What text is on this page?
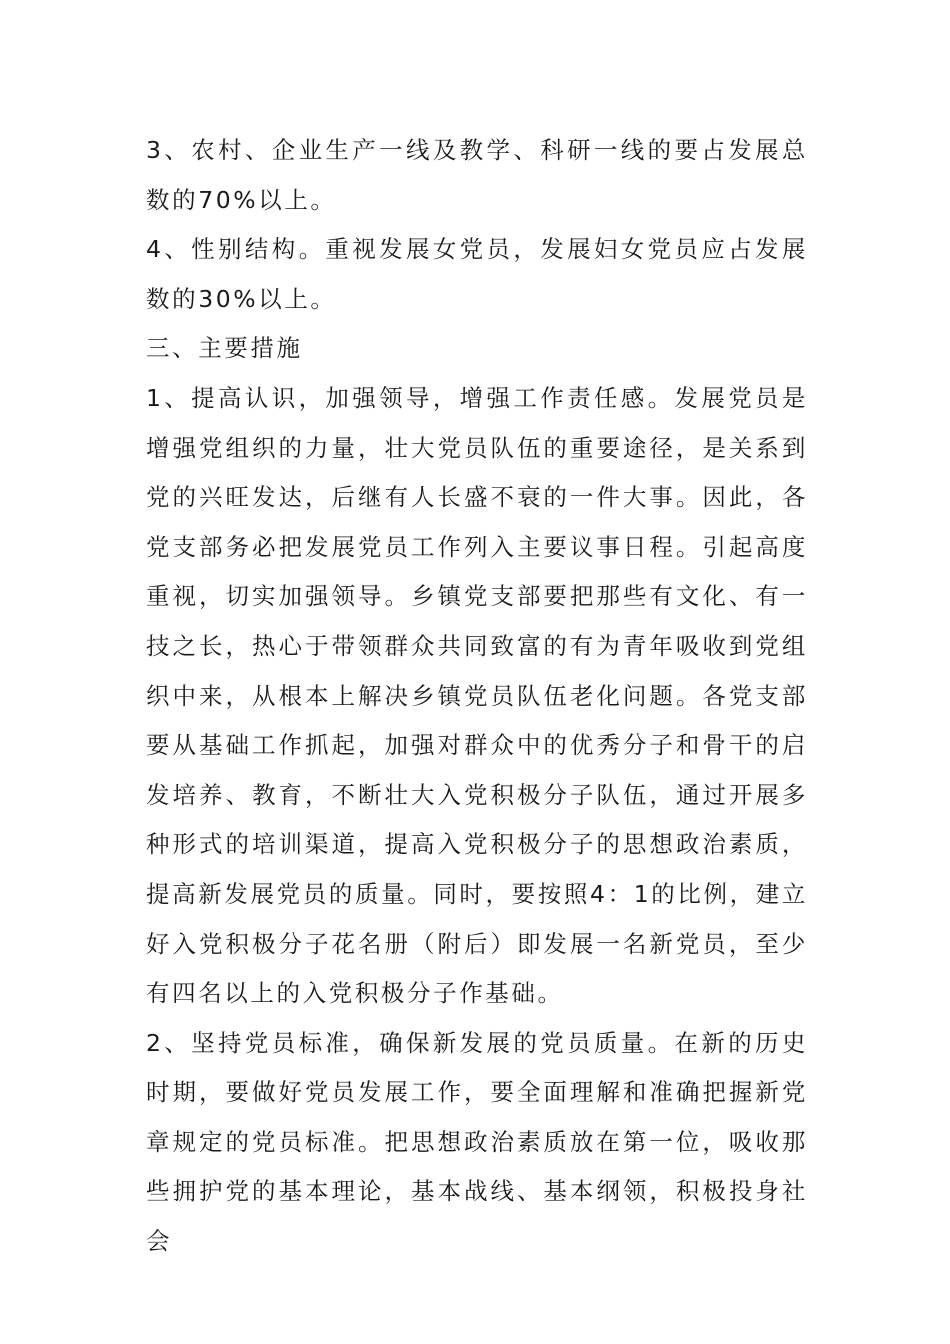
3、农村、企业生产一线及教学、科研一线的要占发展总数的70%以上。

4、性别结构。重视发展女党员，发展妇女党员应占发展数的30%以上。

三、主要措施

1、提高认识，加强领导，增强工作责任感。发展党员是增强党组织的力量，壮大党员队伍的重要途径，是关系到党的兴旺发达，后继有人长盛不衰的一件大事。因此，各党支部务必把发展党员工作列入主要议事日程。引起高度重视，切实加强领导。乡镇党支部要把那些有文化、有一技之长，热心于带领群众共同致富的有为青年吸收到党组织中来，从根本上解决乡镇党员队伍老化问题。各党支部要从基础工作抓起，加强对群众中的优秀分子和骨干的启发培养、教育，不断壮大入党积极分子队伍，通过开展多种形式的培训渠道，提高入党积极分子的思想政治素质，提高新发展党员的质量。同时，要按照4：1的比例，建立好入党积极分子花名册（附后）即发展一名新党员，至少有四名以上的入党积极分子作基础。

2、坚持党员标准，确保新发展的党员质量。在新的历史时期，要做好党员发展工作，要全面理解和准确把握新党章规定的党员标准。把思想政治素质放在第一位，吸收那些拥护党的基本理论，基本战线、基本纲领，积极投身社会
